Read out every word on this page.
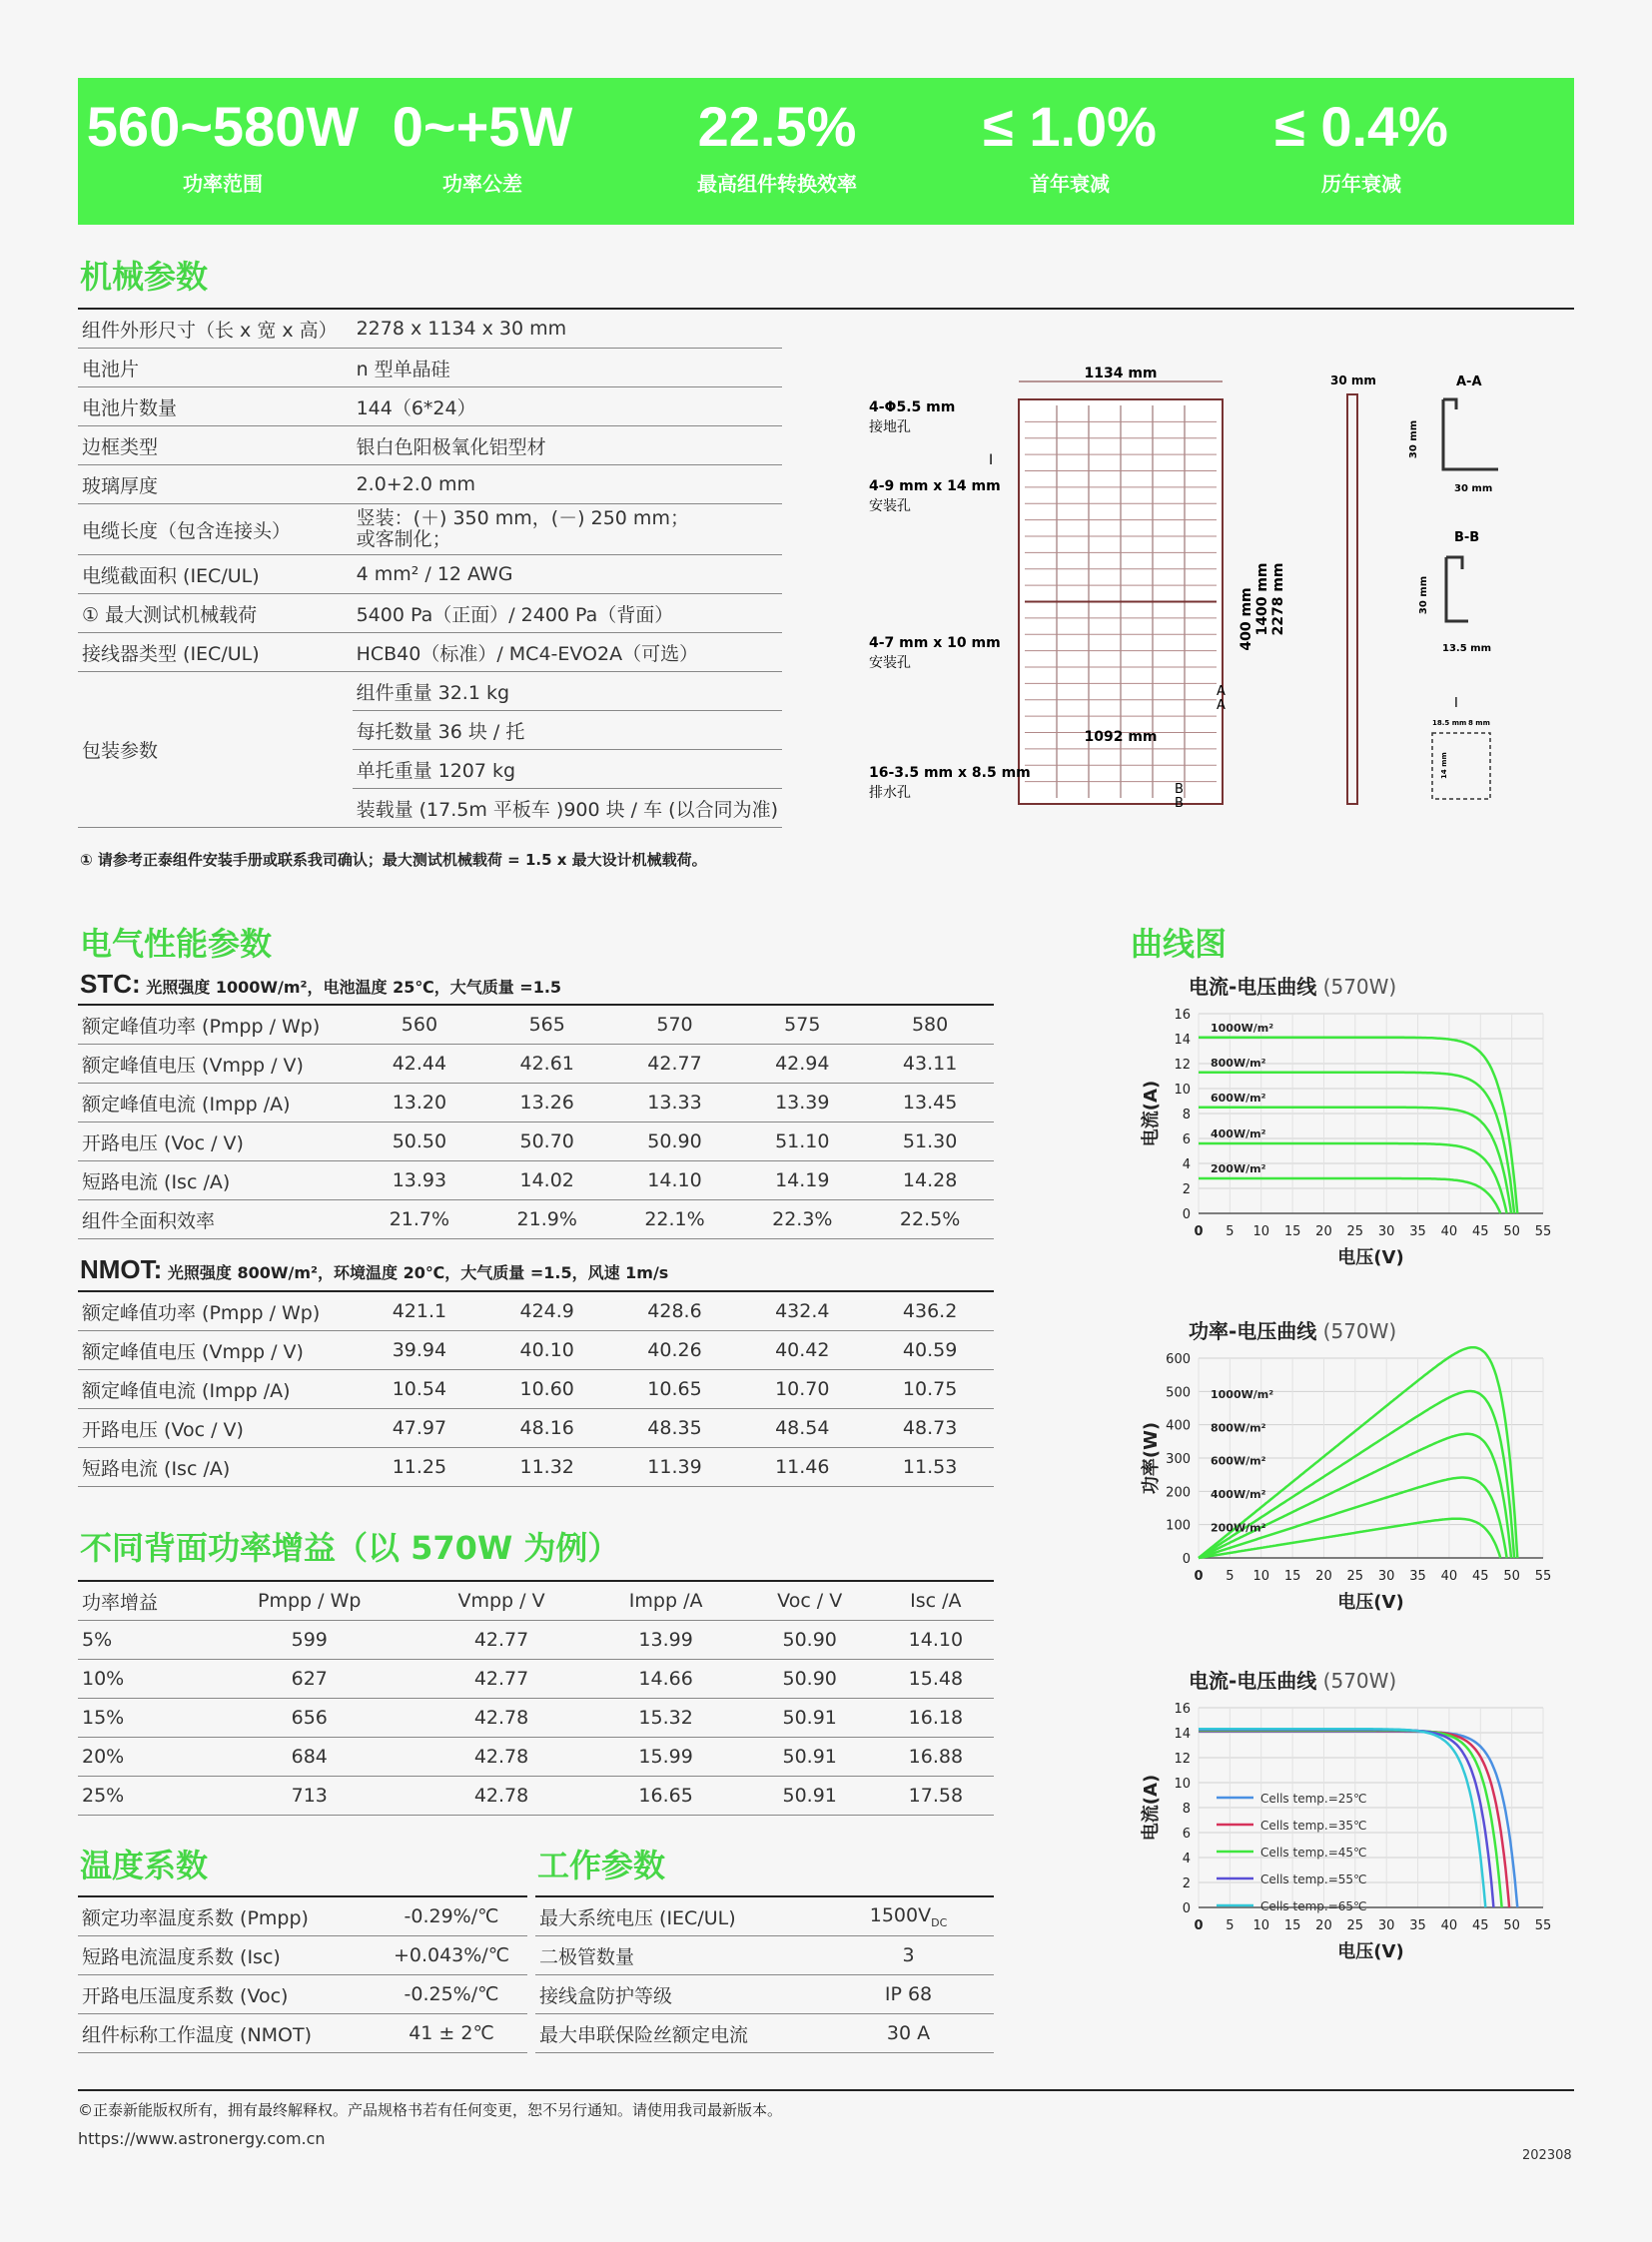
560~580W
功率范围
0~+5W
功率公差
22.5%
最高组件转换效率
≤ 1.0%
首年衰减
≤ 0.4%
历年衰减
机械参数
组件外形尺寸（长 x 宽 x 高）	2278 x 1134 x 30 mm
电池片	n 型单晶硅
电池片数量	144（6*24）
边框类型	银白色阳极氧化铝型材
玻璃厚度	2.0+2.0 mm
电缆长度（包含连接头）	竖装：(＋) 350 mm，(－) 250 mm；
或客制化；

电缆截面积 (IEC/UL)	4 mm² / 12 AWG
① 最大测试机械载荷	5400 Pa（正面）/ 2400 Pa（背面）
接线器类型 (IEC/UL)	HCB40（标准）/ MC4-EVO2A（可选）
包装参数	组件重量 32.1 kg
	每托数量 36 块 / 托
	单托重量 1207 kg
	装载量 (17.5m 平板车 )900 块 / 车 (以合同为准)
① 请参考正泰组件安装手册或联系我司确认；最大测试机械载荷 = 1.5 x 最大设计机械载荷。
1134 mm
1092 mm
400 mm 1400 mm 2278 mm
4-Φ5.5 mm
接地孔
4-9 mm x 14 mm
安装孔
4-7 mm x 10 mm
安装孔
16-3.5 mm x 8.5 mm
排水孔
I
A
A
B
B
30 mm	A-A
30 mm
30 mm
B-B
30 mm
13.5 mm
I
18.5 mm 8 mm
14 mm
电气性能参数
STC: 光照强度 1000W/m²，电池温度 25℃，大气质量 =1.5
额定峰值功率 (Pmpp / Wp)	560	565	570	575	580
额定峰值电压 (Vmpp / V)	42.44	42.61	42.77	42.94	43.11
额定峰值电流 (Impp /A)	13.20	13.26	13.33	13.39	13.45
开路电压 (Voc / V)	50.50	50.70	50.90	51.10	51.30
短路电流 (Isc /A)	13.93	14.02	14.10	14.19	14.28
组件全面积效率	21.7%	21.9%	22.1%	22.3%	22.5%
NMOT: 光照强度 800W/m²，环境温度 20℃，大气质量 =1.5，风速 1m/s
额定峰值功率 (Pmpp / Wp)	421.1	424.9	428.6	432.4	436.2
额定峰值电压 (Vmpp / V)	39.94	40.10	40.26	40.42	40.59
额定峰值电流 (Impp /A)	10.54	10.60	10.65	10.70	10.75
开路电压 (Voc / V)	47.97	48.16	48.35	48.54	48.73
短路电流 (Isc /A)	11.25	11.32	11.39	11.46	11.53
不同背面功率增益（以 570W 为例）
功率增益	Pmpp / Wp	Vmpp / V	Impp /A	Voc / V	Isc /A
5%	599	42.77	13.99	50.90	14.10
10%	627	42.77	14.66	50.90	15.48
15%	656	42.78	15.32	50.91	16.18
20%	684	42.78	15.99	50.91	16.88
25%	713	42.78	16.65	50.91	17.58
温度系数
额定功率温度系数 (Pmpp)	-0.29%/℃
短路电流温度系数 (Isc)	+0.043%/℃
开路电压温度系数 (Voc)	-0.25%/℃
组件标称工作温度 (NMOT)	41 ± 2℃
工作参数
最大系统电压 (IEC/UL)	$1500V_{DC}$
二极管数量	3
接线盒防护等级	IP 68
最大串联保险丝额定电流	30 A
曲线图
电流-电压曲线 (570W)
0
2
4
6
8
10
12
14
16
0 5 10 15 20 25 30 35 40 45 50 55
电压(V)
电流(A)
1000W/m²
800W/m²
600W/m²
400W/m²
200W/m²
功率-电压曲线 (570W)
0
100
200
300
400
500
600
0 5 10 15 20 25 30 35 40 45 50 55
电压(V)
功率(W)
1000W/m²
800W/m²
600W/m²
400W/m²
200W/m²
电流-电压曲线 (570W)
0
2
4
6
8
10
12
14
16
0 5 10 15 20 25 30 35 40 45 50 55
电压(V)
电流(A)	Cells temp.=25℃
Cells temp.=35℃
Cells temp.=45℃
Cells temp.=55℃
Cells temp.=65℃
©正泰新能版权所有，拥有最终解释权。产品规格书若有任何变更，恕不另行通知。请使用我司最新版本。
https://www.astronergy.com.cn
202308
